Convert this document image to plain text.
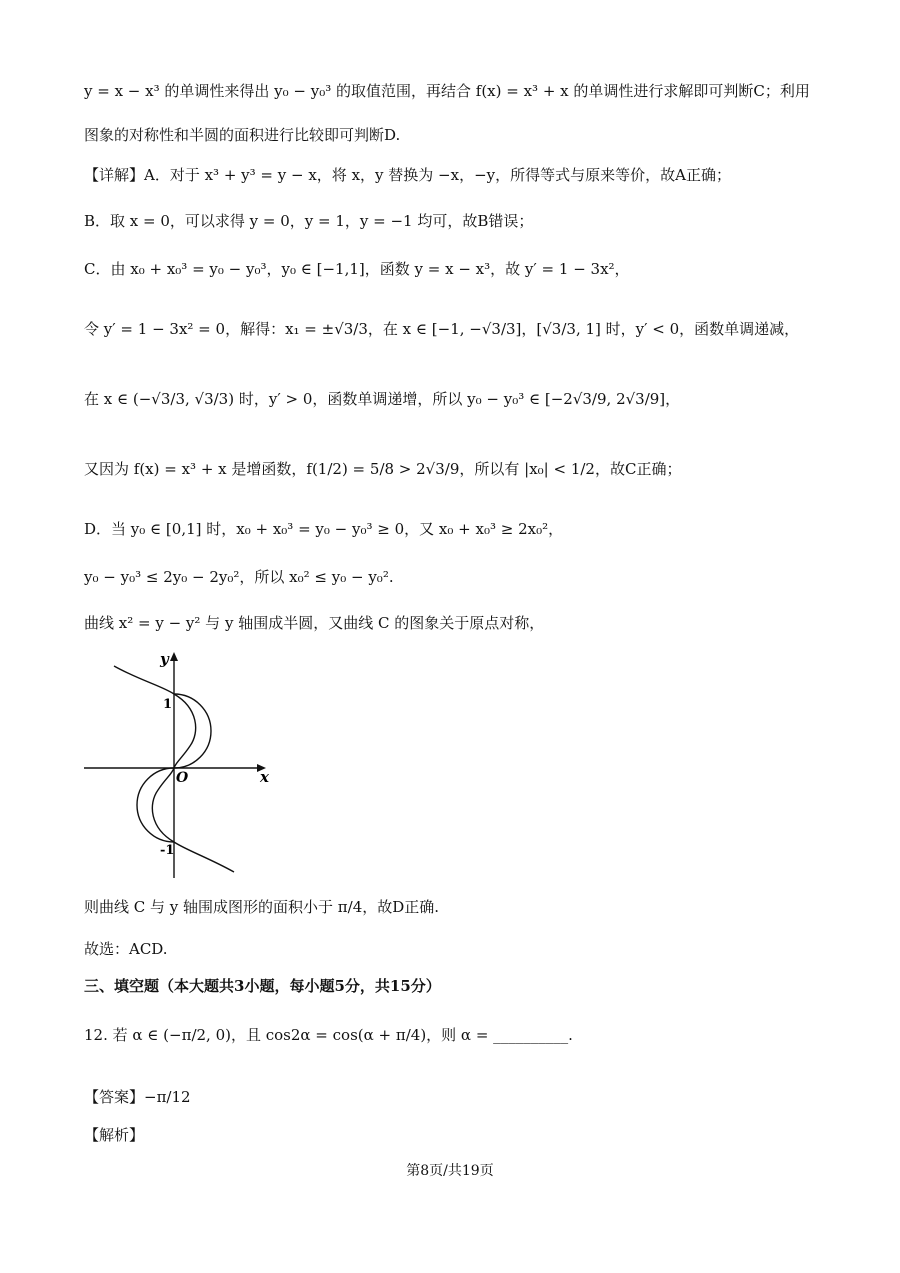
y = x − x³ 的单调性来得出 y₀ − y₀³ 的取值范围，再结合 f(x) = x³ + x 的单调性进行求解即可判断C；利用
图象的对称性和半圆的面积进行比较即可判断D.
【详解】A．对于 x³ + y³ = y − x，将 x，y 替换为 −x，−y，所得等式与原来等价，故A正确；
B．取 x = 0，可以求得 y = 0，y = 1，y = −1 均可，故B错误；
C．由 x₀ + x₀³ = y₀ − y₀³，y₀ ∈ [−1,1]，函数 y = x − x³，故 y′ = 1 − 3x²，
令 y′ = 1 − 3x² = 0，解得：x₁ = ±√3/3，在 x ∈ [−1, −√3/3]，[√3/3, 1] 时，y′ < 0，函数单调递减，
在 x ∈ (−√3/3, √3/3) 时，y′ > 0，函数单调递增，所以 y₀ − y₀³ ∈ [−2√3/9, 2√3/9]，
又因为 f(x) = x³ + x 是增函数，f(1/2) = 5/8 > 2√3/9，所以有 |x₀| < 1/2，故C正确；
D．当 y₀ ∈ [0,1] 时，x₀ + x₀³ = y₀ − y₀³ ≥ 0，又 x₀ + x₀³ ≥ 2x₀²，
y₀ − y₀³ ≤ 2y₀ − 2y₀²，所以 x₀² ≤ y₀ − y₀².
曲线 x² = y − y² 与 y 轴围成半圆，又曲线 C 的图象关于原点对称，
y
x
O
1
-1
则曲线 C 与 y 轴围成图形的面积小于 π/4，故D正确.
故选：ACD.
三、填空题（本大题共3小题，每小题5分，共15分）
12. 若 α ∈ (−π/2, 0)，且 cos2α = cos(α + π/4)，则 α = __________.
【答案】−π/12
【解析】
第8页/共19页
